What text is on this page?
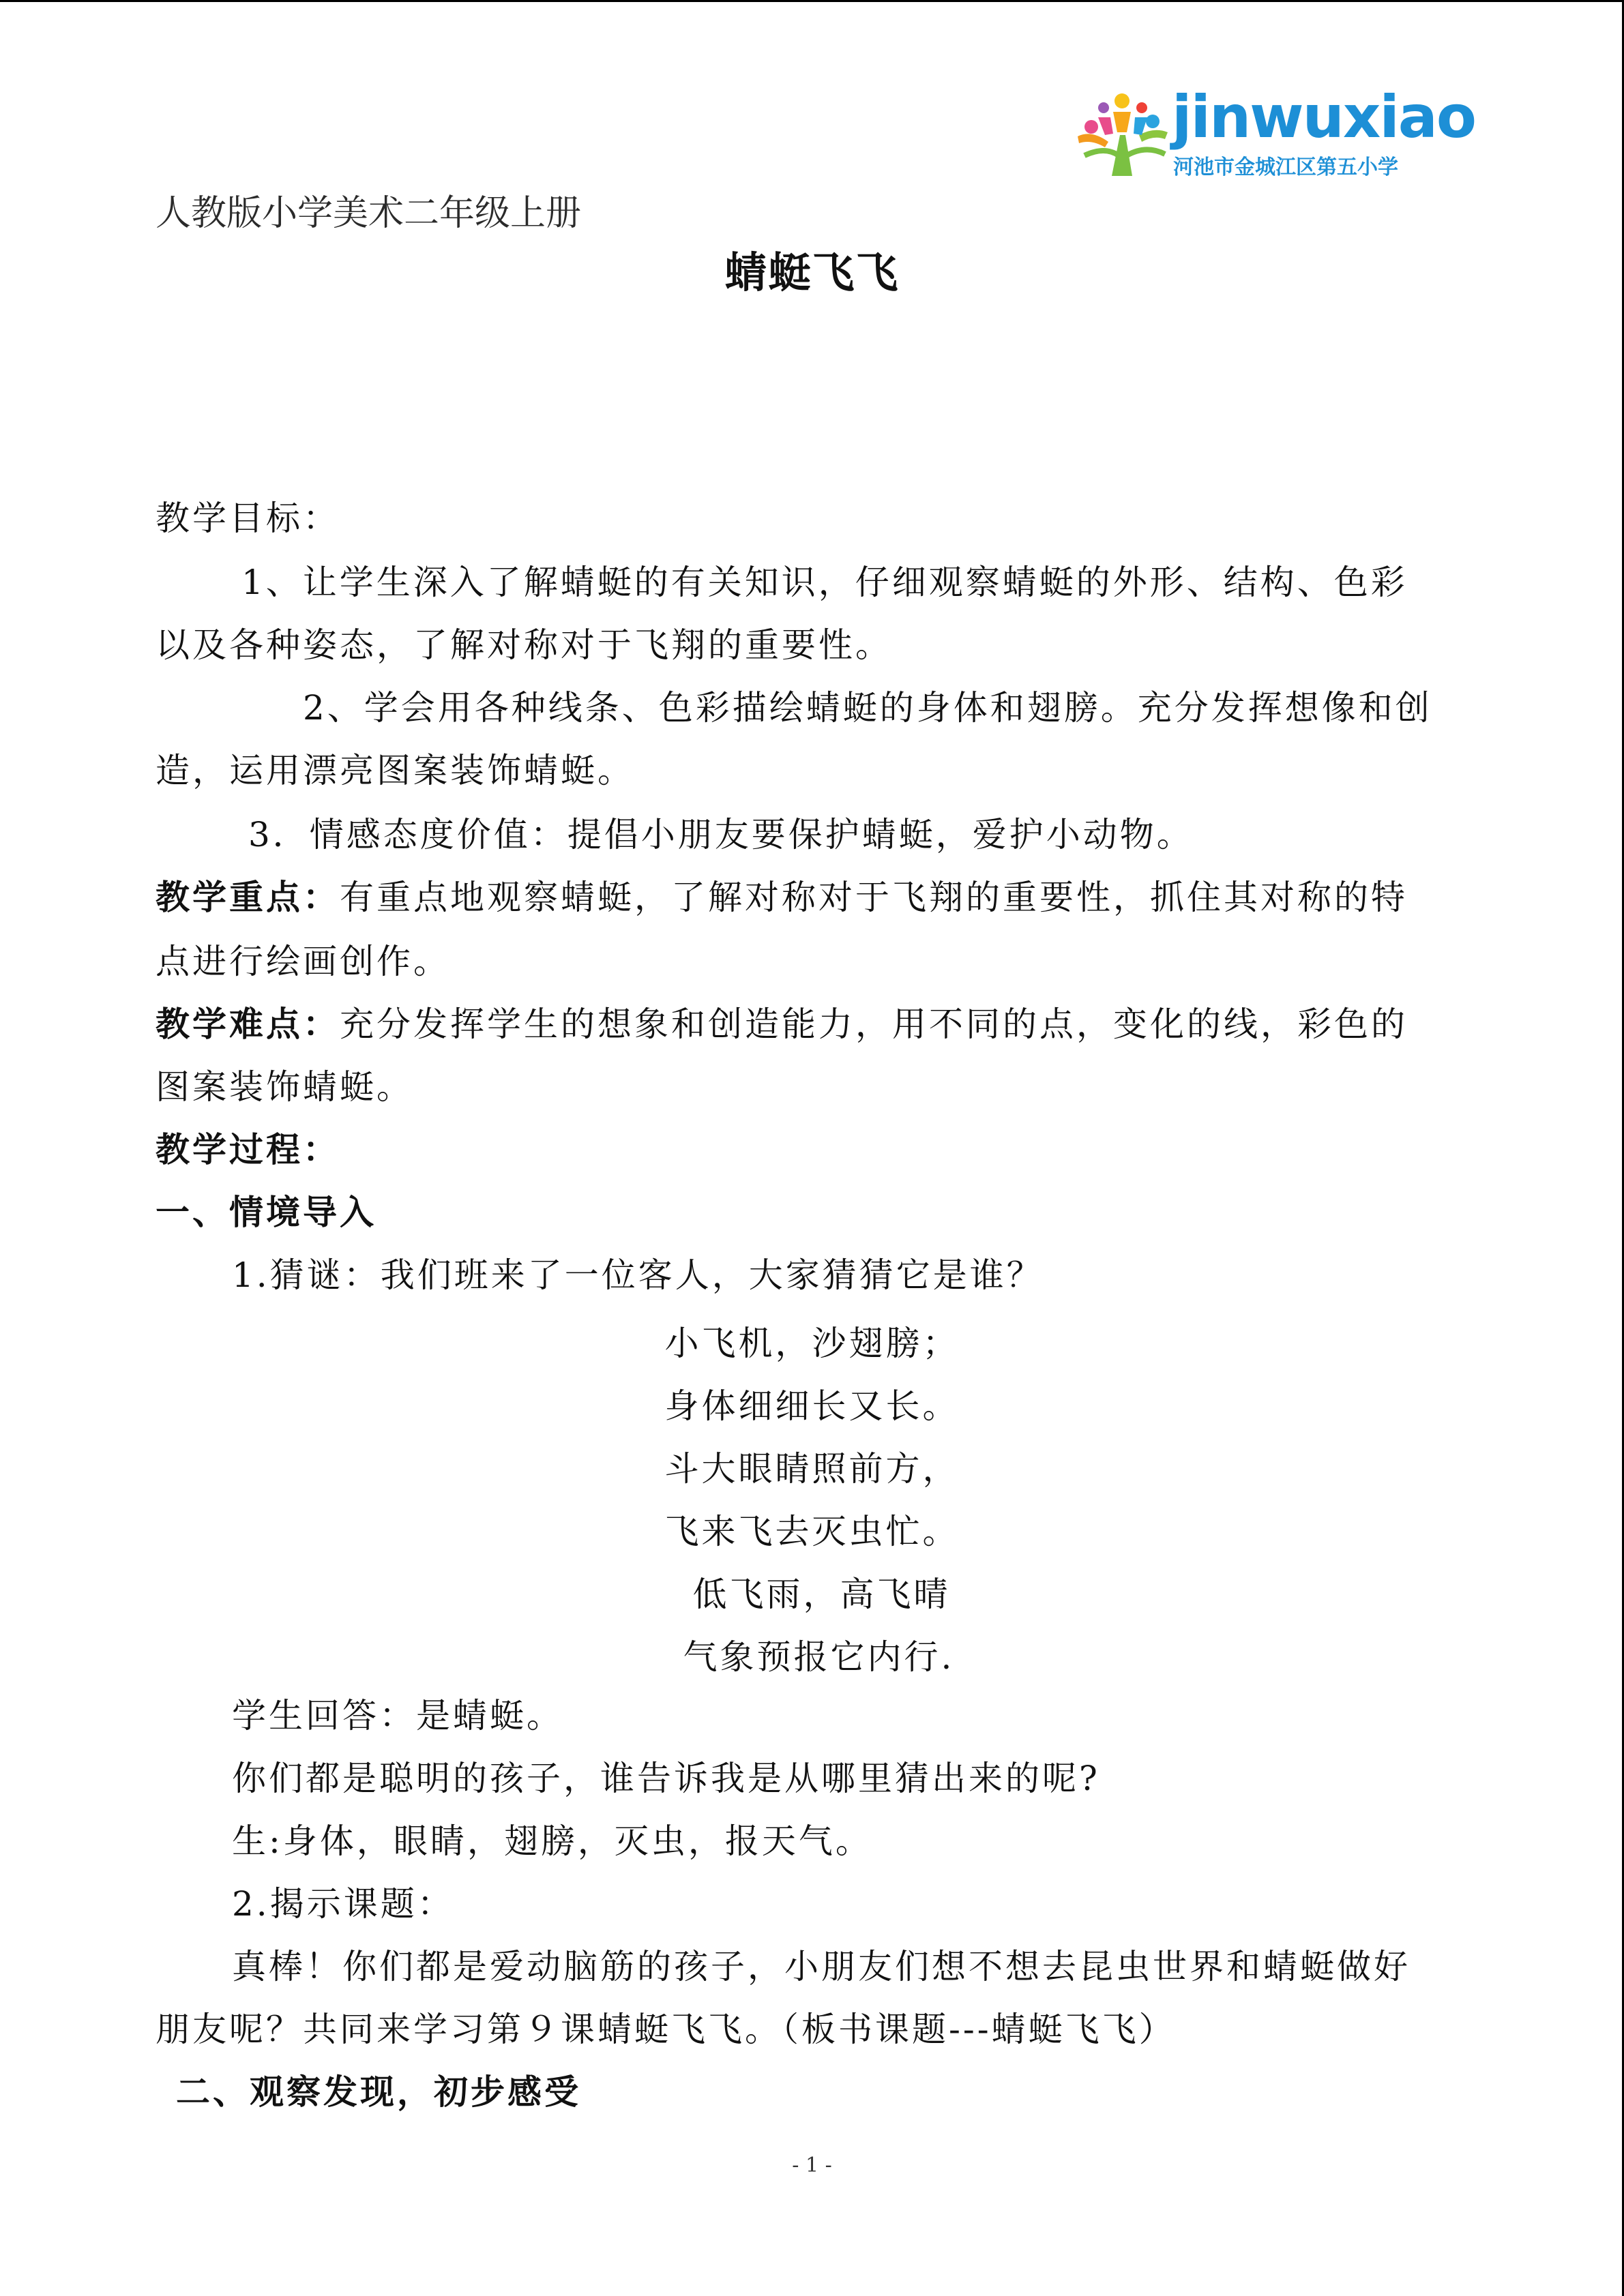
jinwuxiao
河池市金城江区第五小学
人教版小学美术二年级上册
蜻蜓飞飞
教学目标：
1、让学生深入了解蜻蜓的有关知识，仔细观察蜻蜓的外形、结构、色彩
以及各种姿态，了解对称对于飞翔的重要性。
2、学会用各种线条、色彩描绘蜻蜓的身体和翅膀。充分发挥想像和创
造，运用漂亮图案装饰蜻蜓。
3．情感态度价值：提倡小朋友要保护蜻蜓，爱护小动物。
教学重点：有重点地观察蜻蜓，了解对称对于飞翔的重要性，抓住其对称的特
点进行绘画创作。
教学难点：充分发挥学生的想象和创造能力，用不同的点，变化的线，彩色的
图案装饰蜻蜓。
教学过程：
一、情境导入
1.猜谜：我们班来了一位客人，大家猜猜它是谁？
小飞机，沙翅膀；
身体细细长又长。
斗大眼睛照前方，
飞来飞去灭虫忙。
低飞雨，高飞晴
气象预报它内行.
学生回答：是蜻蜓。
你们都是聪明的孩子，谁告诉我是从哪里猜出来的呢?
生:身体，眼睛，翅膀，灭虫，报天气。
2.揭示课题：
真棒！你们都是爱动脑筋的孩子，小朋友们想不想去昆虫世界和蜻蜓做好
朋友呢？共同来学习第９课蜻蜓飞飞。（板书课题---蜻蜓飞飞）
二、观察发现，初步感受
- 1 -
